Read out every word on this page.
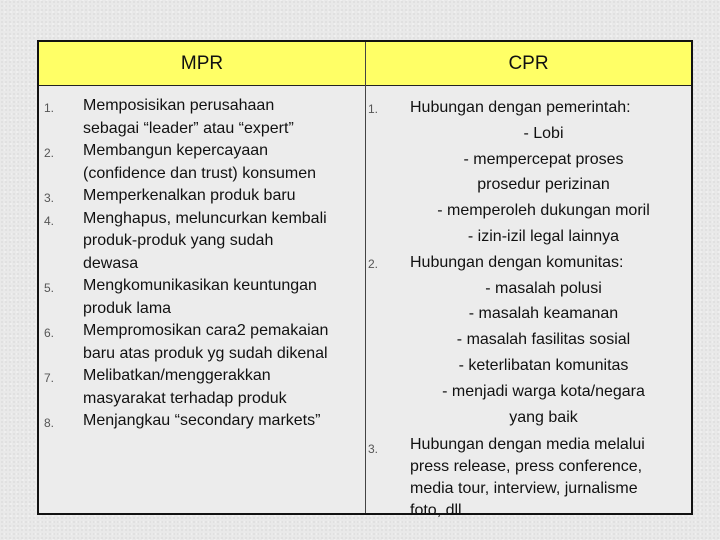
MPR	CPR
1. Memposisikan perusahaan
sebagai “leader” atau “expert”
2. Membangun kepercayaan
(confidence dan trust) konsumen
3. Memperkenalkan produk baru
4. Menghapus, meluncurkan kembali
produk-produk yang sudah
dewasa
5. Mengkomunikasikan keuntungan
produk lama
6. Mempromosikan cara2 pemakaian
baru atas produk yg sudah dikenal
7. Melibatkan/menggerakkan
masyarakat terhadap produk
8. Menjangkau “secondary markets”
1. Hubungan dengan pemerintah:
- Lobi
- mempercepat proses
prosedur perizinan
- memperoleh dukungan moril
- izin-izil legal lainnya
2. Hubungan dengan komunitas:
- masalah polusi
- masalah keamanan
- masalah fasilitas sosial
- keterlibatan komunitas
- menjadi warga kota/negara
yang baik
3. Hubungan dengan media melalui
press release, press conference,
media tour, interview, jurnalisme
foto, dll
